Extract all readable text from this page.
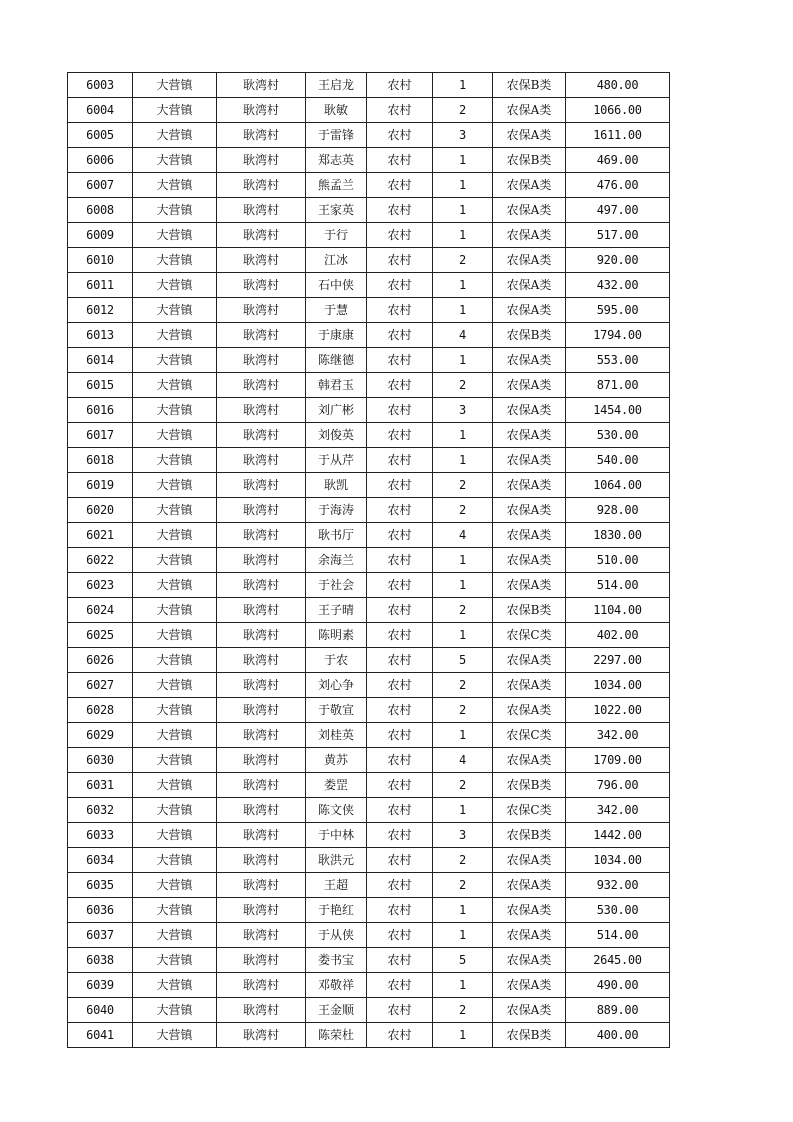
6003	大营镇	耿湾村	王启龙	农村	1	农保B类	480.00
6004	大营镇	耿湾村	耿敏	农村	2	农保A类	1066.00
6005	大营镇	耿湾村	于雷锋	农村	3	农保A类	1611.00
6006	大营镇	耿湾村	郑志英	农村	1	农保B类	469.00
6007	大营镇	耿湾村	熊孟兰	农村	1	农保A类	476.00
6008	大营镇	耿湾村	王家英	农村	1	农保A类	497.00
6009	大营镇	耿湾村	于行	农村	1	农保A类	517.00
6010	大营镇	耿湾村	江冰	农村	2	农保A类	920.00
6011	大营镇	耿湾村	石中侠	农村	1	农保A类	432.00
6012	大营镇	耿湾村	于慧	农村	1	农保A类	595.00
6013	大营镇	耿湾村	于康康	农村	4	农保B类	1794.00
6014	大营镇	耿湾村	陈继德	农村	1	农保A类	553.00
6015	大营镇	耿湾村	韩君玉	农村	2	农保A类	871.00
6016	大营镇	耿湾村	刘广彬	农村	3	农保A类	1454.00
6017	大营镇	耿湾村	刘俊英	农村	1	农保A类	530.00
6018	大营镇	耿湾村	于从芹	农村	1	农保A类	540.00
6019	大营镇	耿湾村	耿凯	农村	2	农保A类	1064.00
6020	大营镇	耿湾村	于海涛	农村	2	农保A类	928.00
6021	大营镇	耿湾村	耿书厅	农村	4	农保A类	1830.00
6022	大营镇	耿湾村	余海兰	农村	1	农保A类	510.00
6023	大营镇	耿湾村	于社会	农村	1	农保A类	514.00
6024	大营镇	耿湾村	王子晴	农村	2	农保B类	1104.00
6025	大营镇	耿湾村	陈明素	农村	1	农保C类	402.00
6026	大营镇	耿湾村	于农	农村	5	农保A类	2297.00
6027	大营镇	耿湾村	刘心争	农村	2	农保A类	1034.00
6028	大营镇	耿湾村	于敬宣	农村	2	农保A类	1022.00
6029	大营镇	耿湾村	刘桂英	农村	1	农保C类	342.00
6030	大营镇	耿湾村	黄苏	农村	4	农保A类	1709.00
6031	大营镇	耿湾村	娄罡	农村	2	农保B类	796.00
6032	大营镇	耿湾村	陈文侠	农村	1	农保C类	342.00
6033	大营镇	耿湾村	于中林	农村	3	农保B类	1442.00
6034	大营镇	耿湾村	耿洪元	农村	2	农保A类	1034.00
6035	大营镇	耿湾村	王超	农村	2	农保A类	932.00
6036	大营镇	耿湾村	于艳红	农村	1	农保A类	530.00
6037	大营镇	耿湾村	于从侠	农村	1	农保A类	514.00
6038	大营镇	耿湾村	娄书宝	农村	5	农保A类	2645.00
6039	大营镇	耿湾村	邓敬祥	农村	1	农保A类	490.00
6040	大营镇	耿湾村	王金顺	农村	2	农保A类	889.00
6041	大营镇	耿湾村	陈荣杜	农村	1	农保B类	400.00
